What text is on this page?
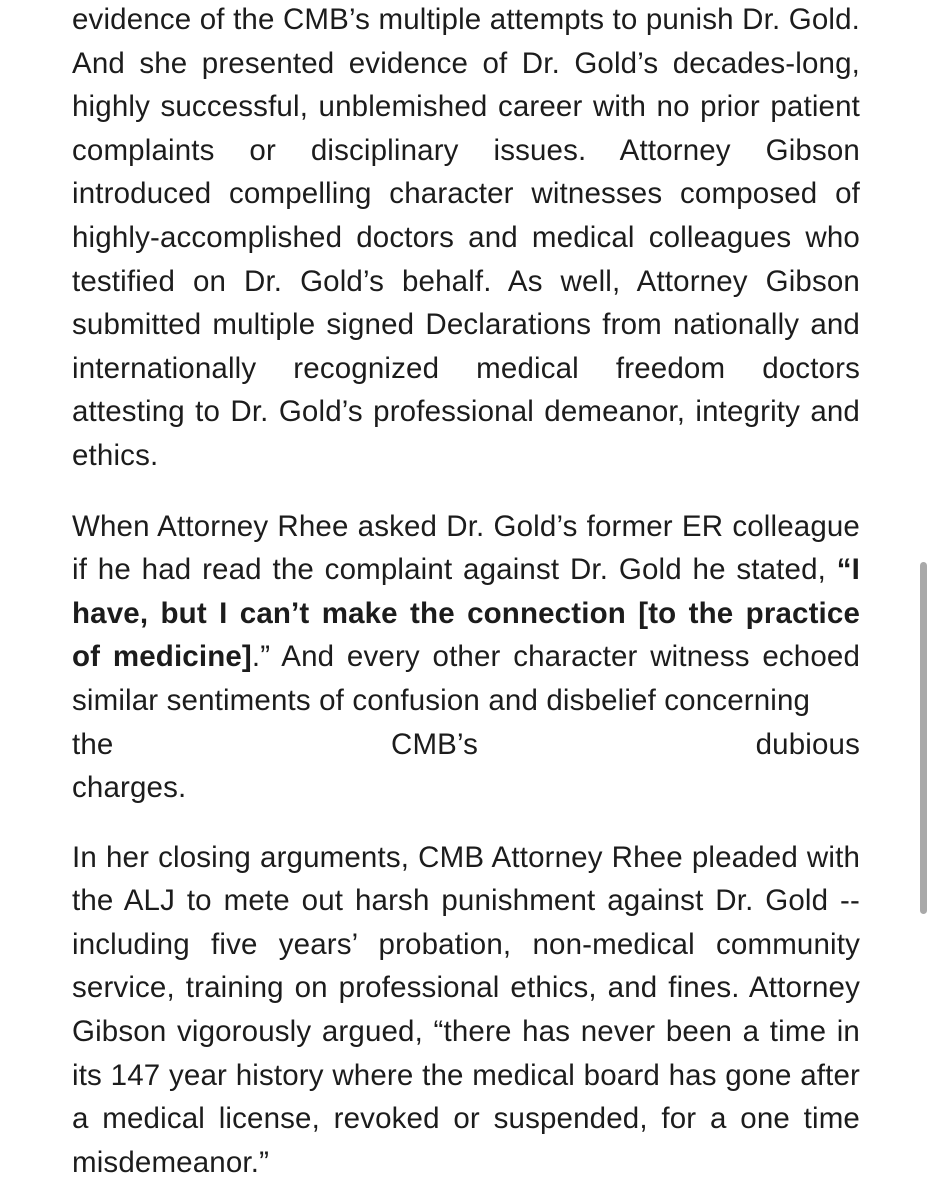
evidence of the CMB’s multiple attempts to punish Dr. Gold. And she presented evidence of Dr. Gold’s decades-long, highly successful, unblemished career with no prior patient complaints or disciplinary issues. Attorney Gibson introduced compelling character witnesses composed of highly-accomplished doctors and medical colleagues who testified on Dr. Gold’s behalf. As well, Attorney Gibson submitted multiple signed Declarations from nationally and internationally recognized medical freedom doctors attesting to Dr. Gold’s professional demeanor, integrity and ethics.

When Attorney Rhee asked Dr. Gold’s former ER colleague if he had read the complaint against Dr. Gold he stated, “I have, but I can’t make the connection [to the practice of medicine].” And every other character witness echoed similar sentiments of confusion and disbelief concerning
the	CMB’s	dubious
charges.

In her closing arguments, CMB Attorney Rhee pleaded with the ALJ to mete out harsh punishment against Dr. Gold -- including five years’ probation, non-medical community service, training on professional ethics, and fines. Attorney Gibson vigorously argued, “there has never been a time in its 147 year history where the medical board has gone after a medical license, revoked or suspended, for a one time misdemeanor.”
